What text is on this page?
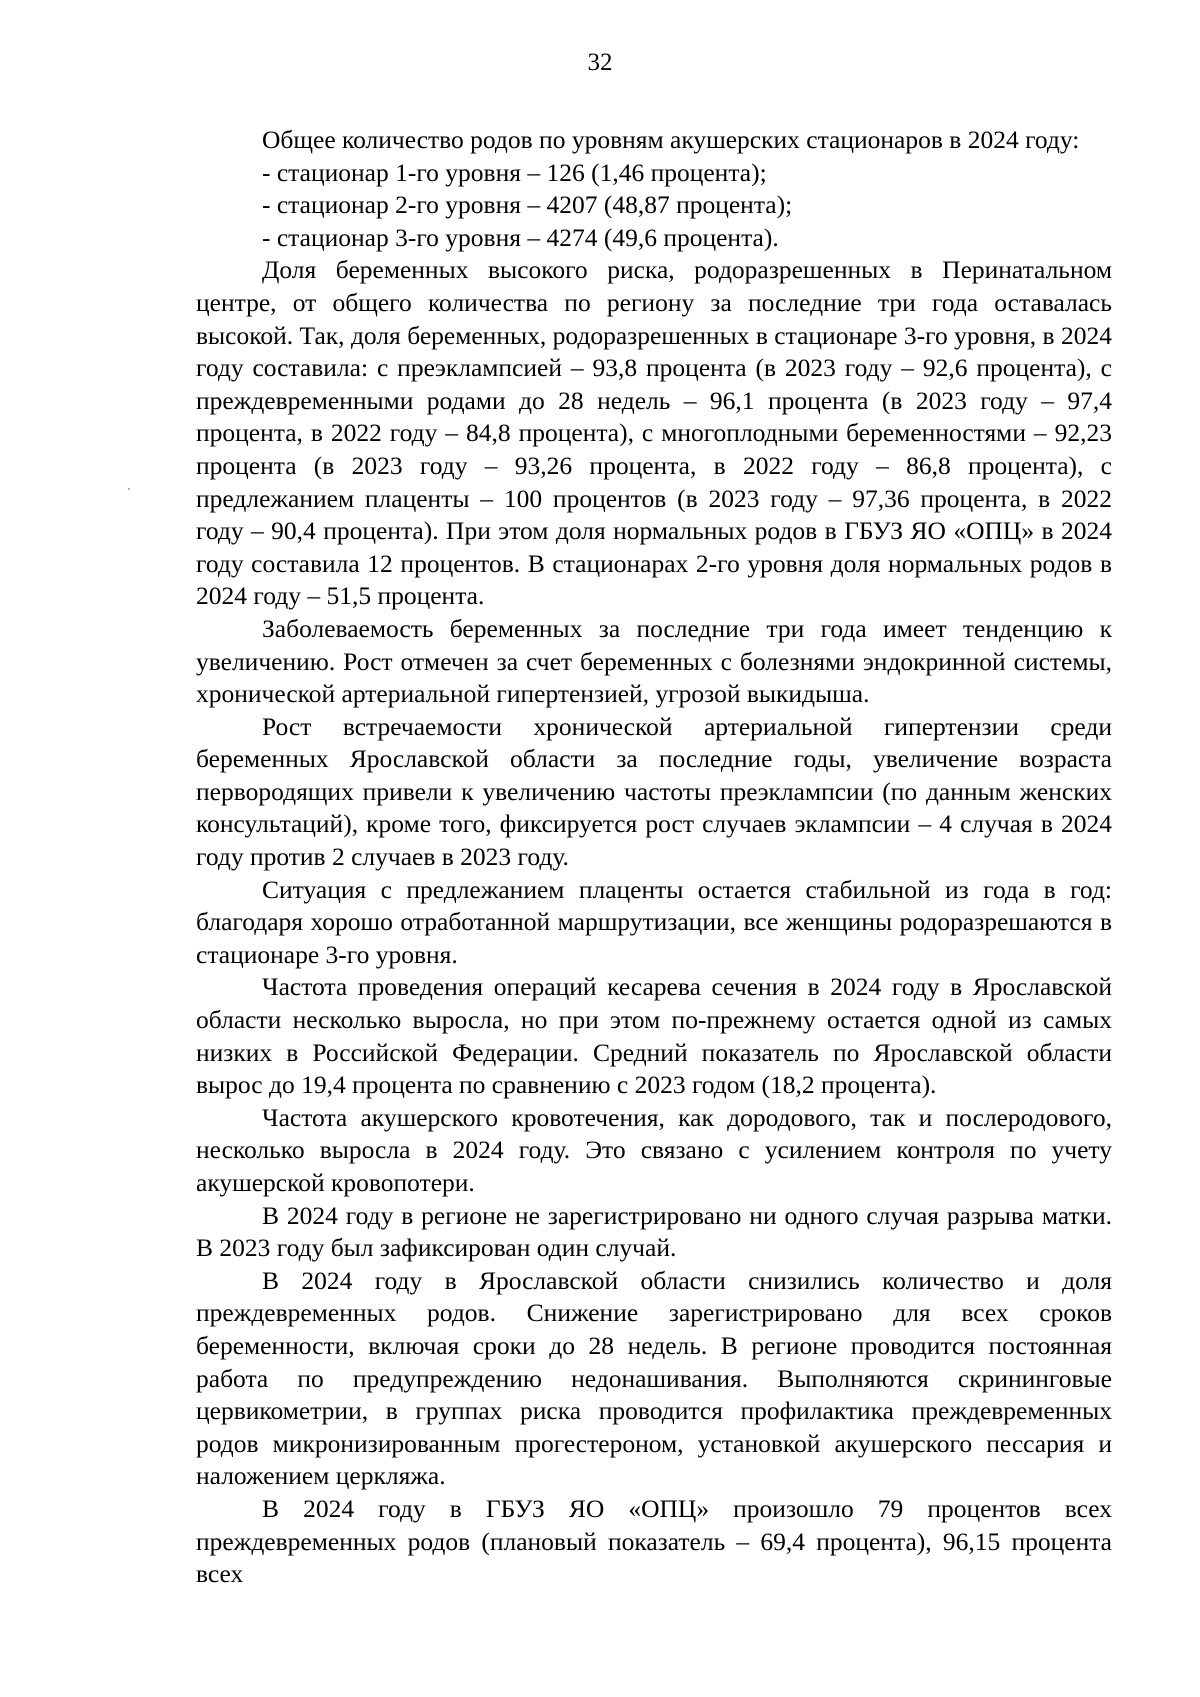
32

Общее количество родов по уровням акушерских стационаров в 2024 году:

- стационар 1-го уровня – 126 (1,46 процента);

- стационар 2-го уровня – 4207 (48,87 процента);

- стационар 3-го уровня – 4274 (49,6 процента).

Доля беременных высокого риска, родоразрешенных в Перинатальном центре, от общего количества по региону за последние три года оставалась высокой. Так, доля беременных, родоразрешенных в стационаре 3-го уровня, в 2024 году составила: с преэклампсией – 93,8 процента (в 2023 году – 92,6 процента), с преждевременными родами до 28 недель – 96,1 процента (в 2023 году – 97,4 процента, в 2022 году – 84,8 процента), с многоплодными беременностями – 92,23 процента (в 2023 году – 93,26 процента, в 2022 году – 86,8 процента), с предлежанием плаценты – 100 процентов (в 2023 году – 97,36 процента, в 2022 году – 90,4 процента). При этом доля нормальных родов в ГБУЗ ЯО «ОПЦ» в 2024 году составила 12 процентов. В стационарах 2-го уровня доля нормальных родов в 2024 году – 51,5 процента.

Заболеваемость беременных за последние три года имеет тенденцию к увеличению. Рост отмечен за счет беременных с болезнями эндокринной системы, хронической артериальной гипертензией, угрозой выкидыша.

Рост встречаемости хронической артериальной гипертензии среди беременных Ярославской области за последние годы, увеличение возраста первородящих привели к увеличению частоты преэклампсии (по данным женских консультаций), кроме того, фиксируется рост случаев эклампсии – 4 случая в 2024 году против 2 случаев в 2023 году.

Ситуация с предлежанием плаценты остается стабильной из года в год: благодаря хорошо отработанной маршрутизации, все женщины родоразрешаются в стационаре 3-го уровня.

Частота проведения операций кесарева сечения в 2024 году в Ярославской области несколько выросла, но при этом по-прежнему остается одной из самых низких в Российской Федерации. Средний показатель по Ярославской области вырос до 19,4 процента по сравнению с 2023 годом (18,2 процента).

Частота акушерского кровотечения, как дородового, так и послеродового, несколько выросла в 2024 году. Это связано с усилением контроля по учету акушерской кровопотери.

В 2024 году в регионе не зарегистрировано ни одного случая разрыва матки. В 2023 году был зафиксирован один случай.

В 2024 году в Ярославской области снизились количество и доля преждевременных родов. Снижение зарегистрировано для всех сроков беременности, включая сроки до 28 недель. В регионе проводится постоянная работа по предупреждению недонашивания. Выполняются скрининговые цервикометрии, в группах риска проводится профилактика преждевременных родов микронизированным прогестероном, установкой акушерского пессария и наложением церкляжа.

В 2024 году в ГБУЗ ЯО «ОПЦ» произошло 79 процентов всех преждевременных родов (плановый показатель – 69,4 процента), 96,15 процента всех
